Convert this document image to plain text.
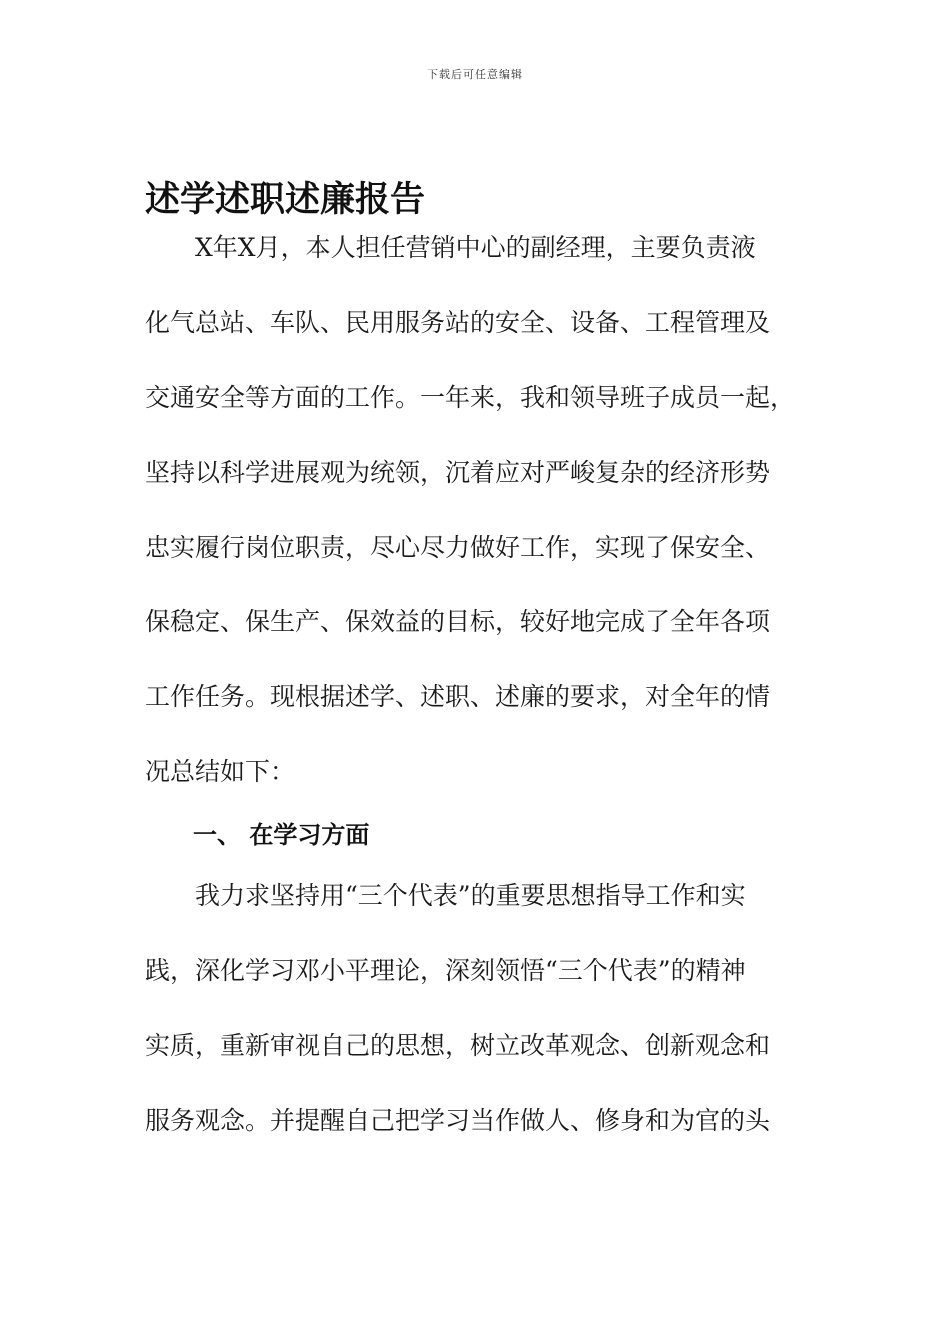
下载后可任意编辑
述学述职述廉报告
　　X年X月，本人担任营销中心的副经理，主要负责液
化气总站、车队、民用服务站的安全、设备、工程管理及
交通安全等方面的工作。一年来，我和领导班子成员一起，
坚持以科学进展观为统领，沉着应对严峻复杂的经济形势
忠实履行岗位职责，尽心尽力做好工作，实现了保安全、
保稳定、保生产、保效益的目标，较好地完成了全年各项
工作任务。现根据述学、述职、述廉的要求，对全年的情
况总结如下：
一、 在学习方面
　　我力求坚持用“三个代表”的重要思想指导工作和实
践，深化学习邓小平理论，深刻领悟“三个代表”的精神
实质，重新审视自己的思想，树立改革观念、创新观念和
服务观念。并提醒自己把学习当作做人、修身和为官的头
